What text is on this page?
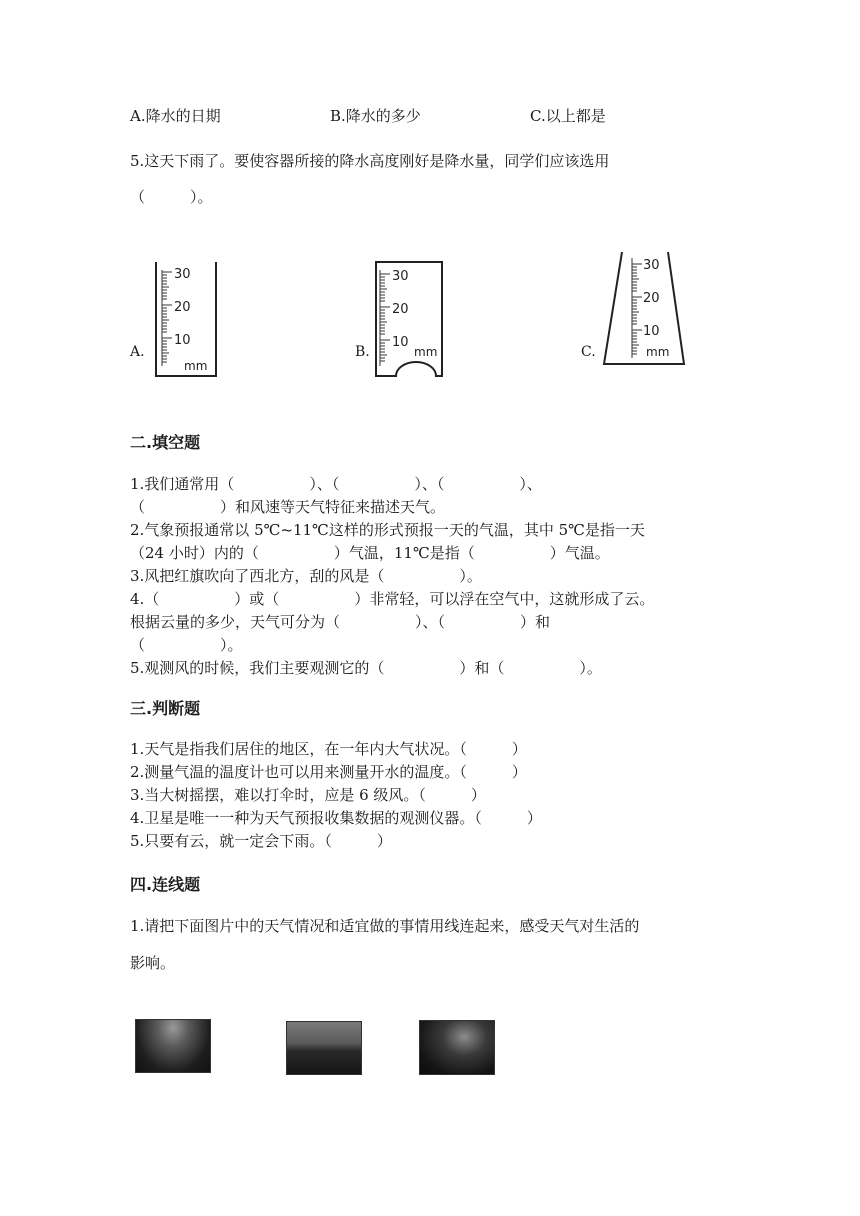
A.降水的日期	B.降水的多少	C.以上都是
5.这天下雨了。要使容器所接的降水高度刚好是降水量，同学们应该选用
（　　　）。
A.	B.	C.
30
20
10
mm
30
20
10
mm
30
20
10
mm
二.填空题
1.我们通常用（　　　　　）、（　　　　　）、（　　　　　）、
（　　　　　）和风速等天气特征来描述天气。
2.气象预报通常以 5℃~11℃这样的形式预报一天的气温，其中 5℃是指一天
（24 小时）内的（　　　　　）气温，11℃是指（　　　　　）气温。
3.风把红旗吹向了西北方，刮的风是（　　　　　）。
4.（　　　　　）或（　　　　　）非常轻，可以浮在空气中，这就形成了云。
根据云量的多少，天气可分为（　　　　　）、（　　　　　）和
（　　　　　）。
5.观测风的时候，我们主要观测它的（　　　　　）和（　　　　　）。
三.判断题
1.天气是指我们居住的地区，在一年内大气状况。（　　　）
2.测量气温的温度计也可以用来测量开水的温度。（　　　）
3.当大树摇摆，难以打伞时，应是 6 级风。（　　　）
4.卫星是唯一一种为天气预报收集数据的观测仪器。（　　　）
5.只要有云，就一定会下雨。（　　　）
四.连线题
1.请把下面图片中的天气情况和适宜做的事情用线连起来，感受天气对生活的
影响。
